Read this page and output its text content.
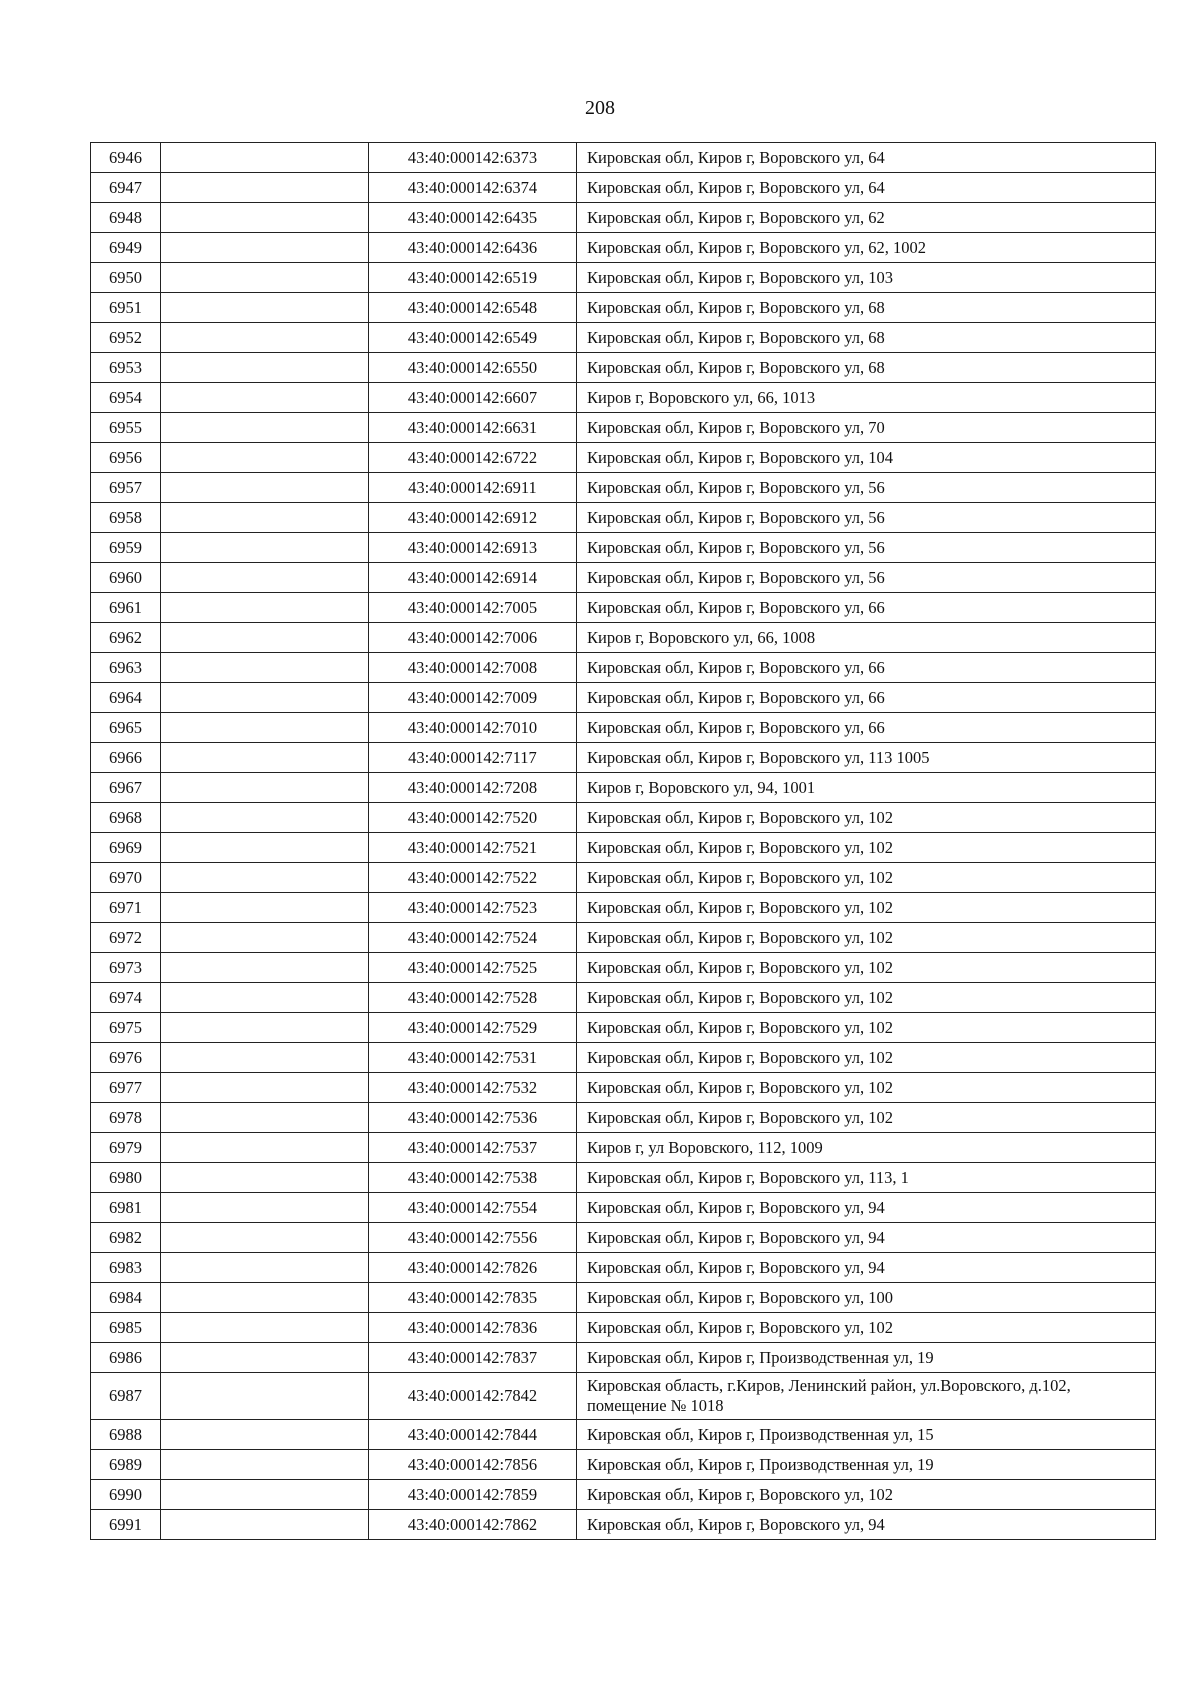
208
6946		43:40:000142:6373	Кировская обл, Киров г, Воровского ул, 64
6947		43:40:000142:6374	Кировская обл, Киров г, Воровского ул, 64
6948		43:40:000142:6435	Кировская обл, Киров г, Воровского ул, 62
6949		43:40:000142:6436	Кировская обл, Киров г, Воровского ул, 62, 1002
6950		43:40:000142:6519	Кировская обл, Киров г, Воровского ул, 103
6951		43:40:000142:6548	Кировская обл, Киров г, Воровского ул, 68
6952		43:40:000142:6549	Кировская обл, Киров г, Воровского ул, 68
6953		43:40:000142:6550	Кировская обл, Киров г, Воровского ул, 68
6954		43:40:000142:6607	Киров г, Воровского ул, 66, 1013
6955		43:40:000142:6631	Кировская обл, Киров г, Воровского ул, 70
6956		43:40:000142:6722	Кировская обл, Киров г, Воровского ул, 104
6957		43:40:000142:6911	Кировская обл, Киров г, Воровского ул, 56
6958		43:40:000142:6912	Кировская обл, Киров г, Воровского ул, 56
6959		43:40:000142:6913	Кировская обл, Киров г, Воровского ул, 56
6960		43:40:000142:6914	Кировская обл, Киров г, Воровского ул, 56
6961		43:40:000142:7005	Кировская обл, Киров г, Воровского ул, 66
6962		43:40:000142:7006	Киров г, Воровского ул, 66, 1008
6963		43:40:000142:7008	Кировская обл, Киров г, Воровского ул, 66
6964		43:40:000142:7009	Кировская обл, Киров г, Воровского ул, 66
6965		43:40:000142:7010	Кировская обл, Киров г, Воровского ул, 66
6966		43:40:000142:7117	Кировская обл, Киров г, Воровского ул, 113 1005
6967		43:40:000142:7208	Киров г, Воровского ул, 94, 1001
6968		43:40:000142:7520	Кировская обл, Киров г, Воровского ул, 102
6969		43:40:000142:7521	Кировская обл, Киров г, Воровского ул, 102
6970		43:40:000142:7522	Кировская обл, Киров г, Воровского ул, 102
6971		43:40:000142:7523	Кировская обл, Киров г, Воровского ул, 102
6972		43:40:000142:7524	Кировская обл, Киров г, Воровского ул, 102
6973		43:40:000142:7525	Кировская обл, Киров г, Воровского ул, 102
6974		43:40:000142:7528	Кировская обл, Киров г, Воровского ул, 102
6975		43:40:000142:7529	Кировская обл, Киров г, Воровского ул, 102
6976		43:40:000142:7531	Кировская обл, Киров г, Воровского ул, 102
6977		43:40:000142:7532	Кировская обл, Киров г, Воровского ул, 102
6978		43:40:000142:7536	Кировская обл, Киров г, Воровского ул, 102
6979		43:40:000142:7537	Киров г, ул Воровского, 112, 1009
6980		43:40:000142:7538	Кировская обл, Киров г, Воровского ул, 113, 1
6981		43:40:000142:7554	Кировская обл, Киров г, Воровского ул, 94
6982		43:40:000142:7556	Кировская обл, Киров г, Воровского ул, 94
6983		43:40:000142:7826	Кировская обл, Киров г, Воровского ул, 94
6984		43:40:000142:7835	Кировская обл, Киров г, Воровского ул, 100
6985		43:40:000142:7836	Кировская обл, Киров г, Воровского ул, 102
6986		43:40:000142:7837	Кировская обл, Киров г, Производственная ул, 19
6987		43:40:000142:7842	Кировская область, г.Киров, Ленинский район, ул.Воровского, д.102, помещение № 1018
6988		43:40:000142:7844	Кировская обл, Киров г, Производственная ул, 15
6989		43:40:000142:7856	Кировская обл, Киров г, Производственная ул, 19
6990		43:40:000142:7859	Кировская обл, Киров г, Воровского ул, 102
6991		43:40:000142:7862	Кировская обл, Киров г, Воровского ул, 94
